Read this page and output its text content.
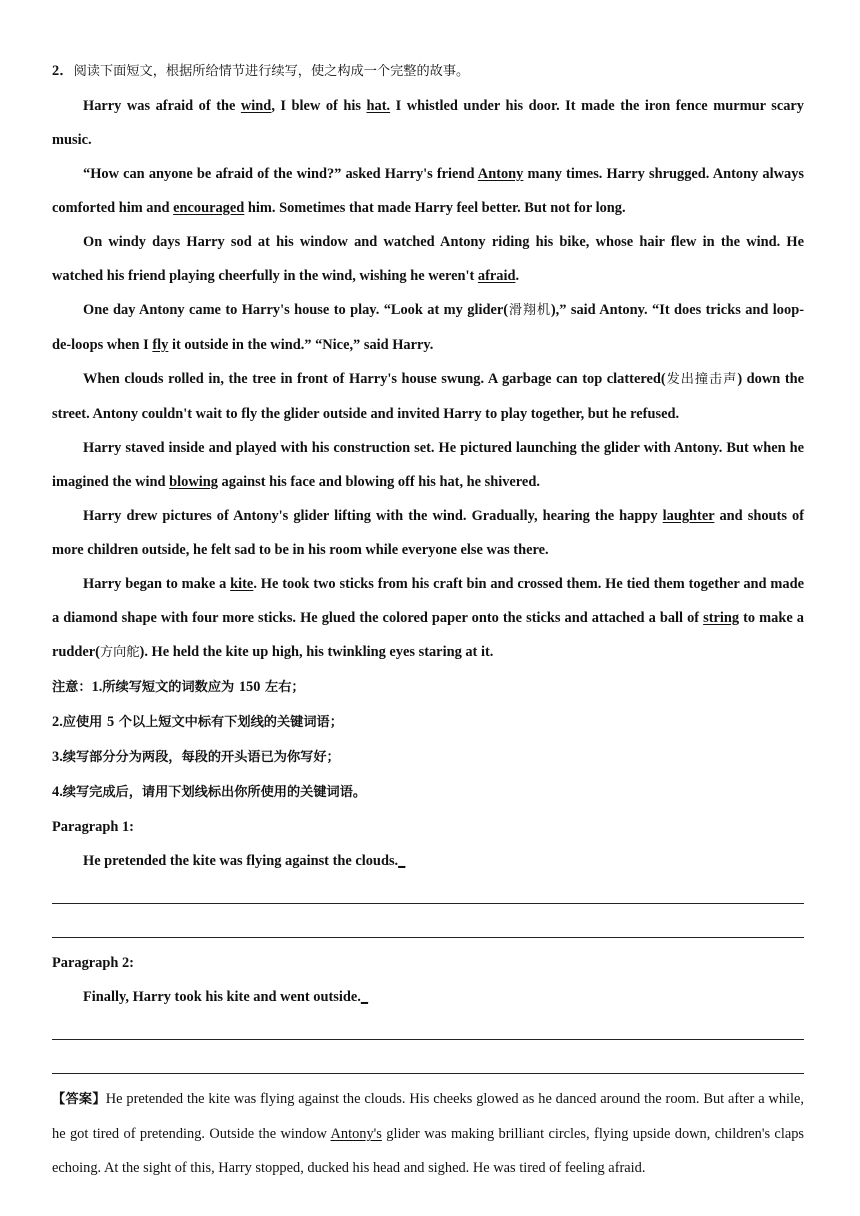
2．阅读下面短文，根据所给情节进行续写，使之构成一个完整的故事。

Harry was afraid of the wind, I blew of his hat. I whistled under his door. It made the iron fence murmur scary music.

“How can anyone be afraid of the wind?” asked Harry's friend Antony many times. Harry shrugged. Antony always comforted him and encouraged him. Sometimes that made Harry feel better. But not for long.

On windy days Harry sod at his window and watched Antony riding his bike, whose hair flew in the wind. He watched his friend playing cheerfully in the wind, wishing he weren't afraid.

One day Antony came to Harry's house to play. “Look at my glider(滑翔机),” said Antony. “It does tricks and loop-de-loops when I fly it outside in the wind.” “Nice,” said Harry.

When clouds rolled in, the tree in front of Harry's house swung. A garbage can top clattered(发出撞击声) down the street. Antony couldn't wait to fly the glider outside and invited Harry to play together, but he refused.

Harry staved inside and played with his construction set. He pictured launching the glider with Antony. But when he imagined the wind blowing against his face and blowing off his hat, he shivered.

Harry drew pictures of Antony's glider lifting with the wind. Gradually, hearing the happy laughter and shouts of more children outside, he felt sad to be in his room while everyone else was there.

Harry began to make a kite. He took two sticks from his craft bin and crossed them. He tied them together and made a diamond shape with four more sticks. He glued the colored paper onto the sticks and attached a ball of string to make a rudder(方向舵). He held the kite up high, his twinkling eyes staring at it.

注意：1.所续写短文的词数应为 150 左右；

2.应使用 5 个以上短文中标有下划线的关键词语；

3.续写部分分为两段，每段的开头语已为你写好；

4.续写完成后，请用下划线标出你所使用的关键词语。

Paragraph 1:

He pretended the kite was flying against the clouds._

Paragraph 2:

Finally, Harry took his kite and went outside._

【答案】He pretended the kite was flying against the clouds. His cheeks glowed as he danced around the room. But after a while, he got tired of pretending. Outside the window Antony's glider was making brilliant circles, flying upside down, children's claps echoing. At the sight of this, Harry stopped, ducked his head and sighed. He was tired of feeling afraid.
